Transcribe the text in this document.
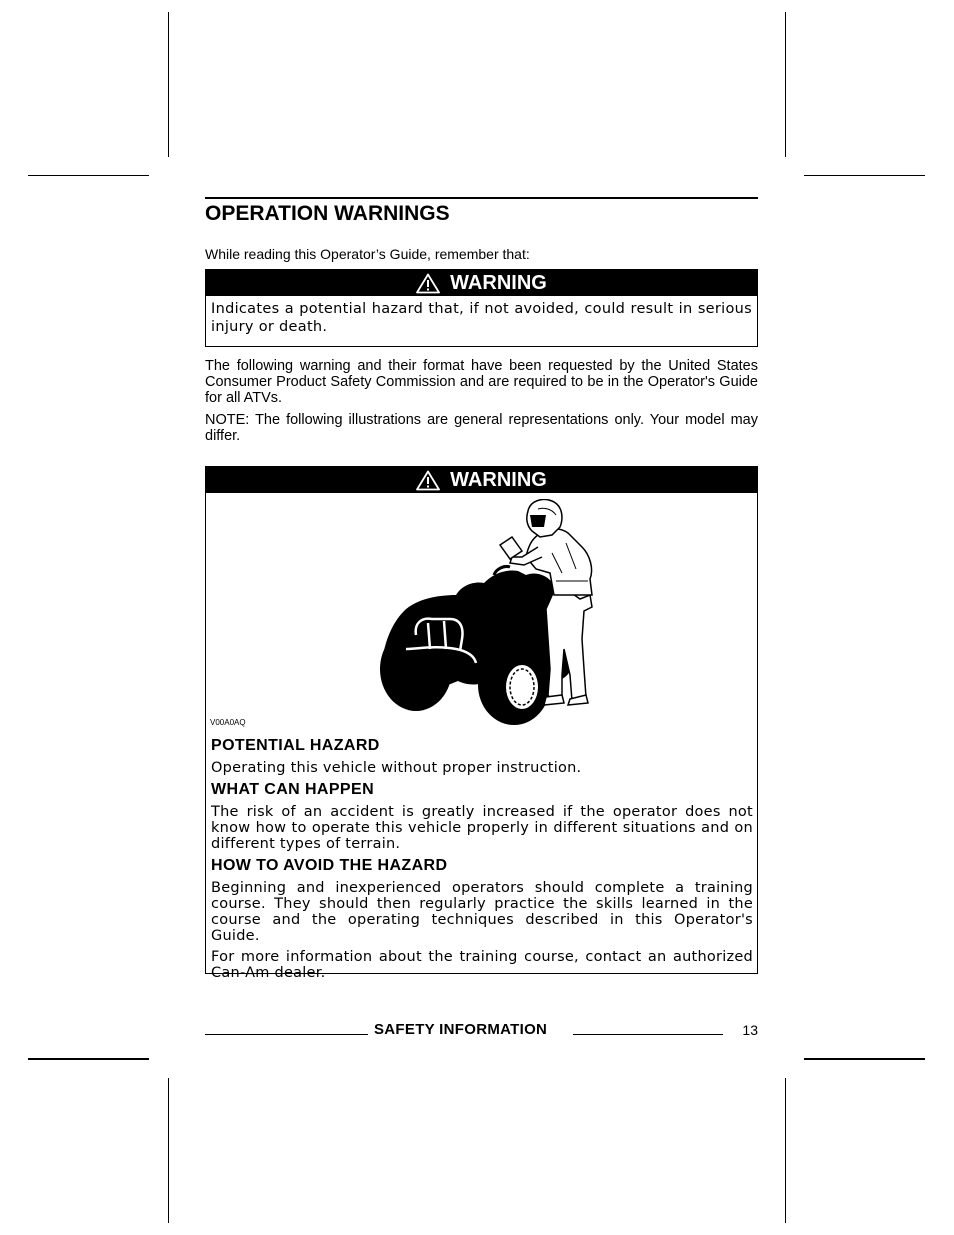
OPERATION WARNINGS
While reading this Operator’s Guide, remember that:
WARNING
Indicates a potential hazard that, if not avoided, could result in serious injury or death.
The following warning and their format have been requested by the United States Consumer Product Safety Commission and are required to be in the Operator's Guide for all ATVs.
NOTE: The following illustrations are general representations only. Your model may differ.
WARNING
V00A0AQ
POTENTIAL HAZARD
Operating this vehicle without proper instruction.
WHAT CAN HAPPEN
The risk of an accident is greatly increased if the operator does not know how to operate this vehicle properly in different situations and on different types of terrain.
HOW TO AVOID THE HAZARD
Beginning and inexperienced operators should complete a training course. They should then regularly practice the skills learned in the course and the operating techniques described in this Operator's Guide.
For more information about the training course, contact an authorized Can-Am dealer.
SAFETY INFORMATION	13
